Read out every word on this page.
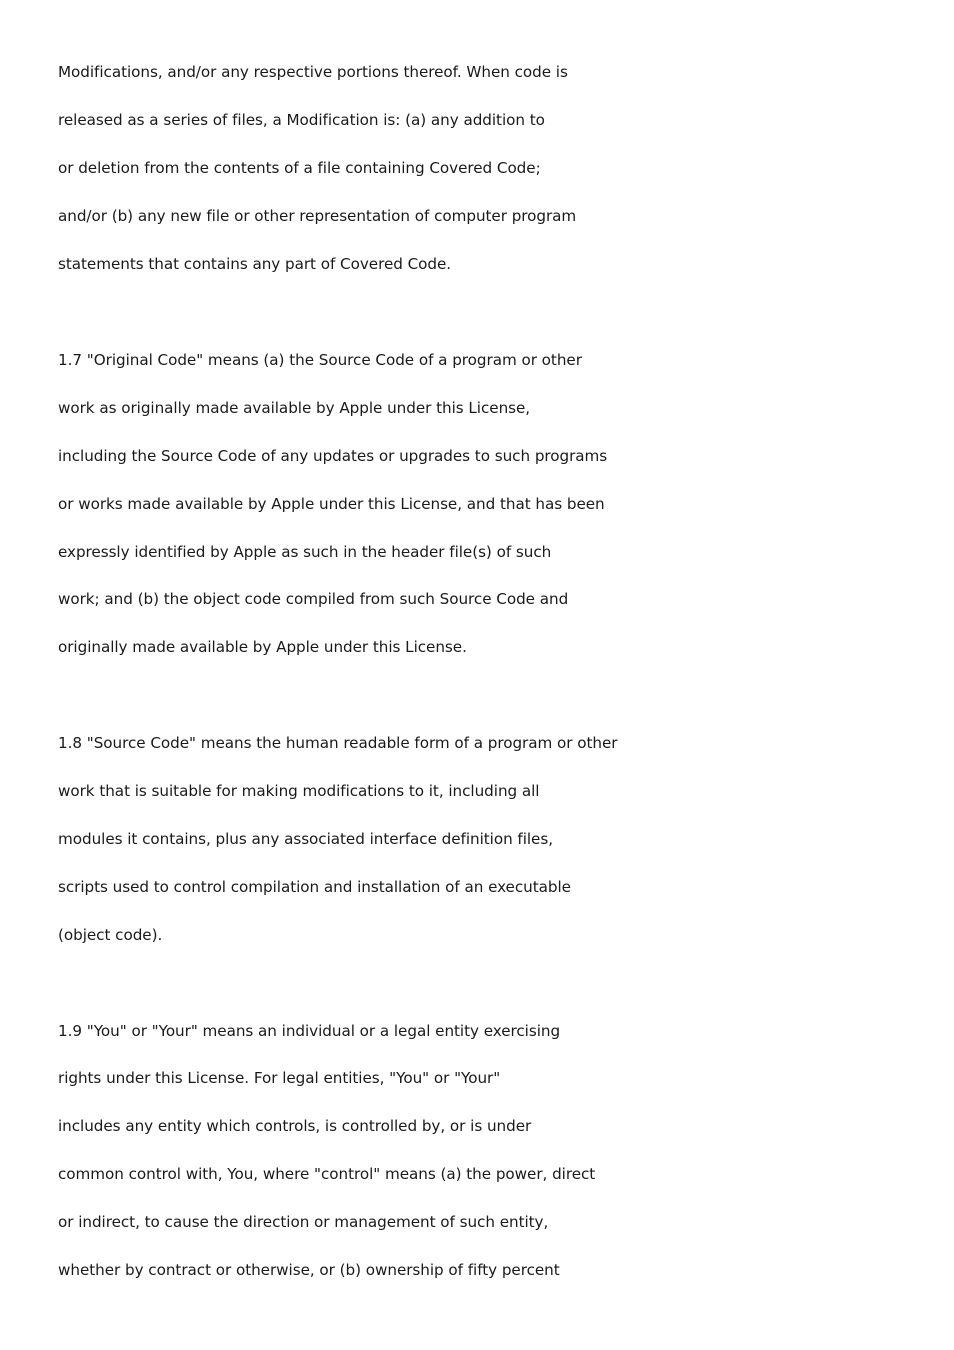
Modifications, and/or any respective portions thereof. When code is
released as a series of files, a Modification is: (a) any addition to
or deletion from the contents of a file containing Covered Code;
and/or (b) any new file or other representation of computer program
statements that contains any part of Covered Code.
1.7 "Original Code" means (a) the Source Code of a program or other
work as originally made available by Apple under this License,
including the Source Code of any updates or upgrades to such programs
or works made available by Apple under this License, and that has been
expressly identified by Apple as such in the header file(s) of such
work; and (b) the object code compiled from such Source Code and
originally made available by Apple under this License.
1.8 "Source Code" means the human readable form of a program or other
work that is suitable for making modifications to it, including all
modules it contains, plus any associated interface definition files,
scripts used to control compilation and installation of an executable
(object code).
1.9 "You" or "Your" means an individual or a legal entity exercising
rights under this License. For legal entities, "You" or "Your"
includes any entity which controls, is controlled by, or is under
common control with, You, where "control" means (a) the power, direct
or indirect, to cause the direction or management of such entity,
whether by contract or otherwise, or (b) ownership of fifty percent
